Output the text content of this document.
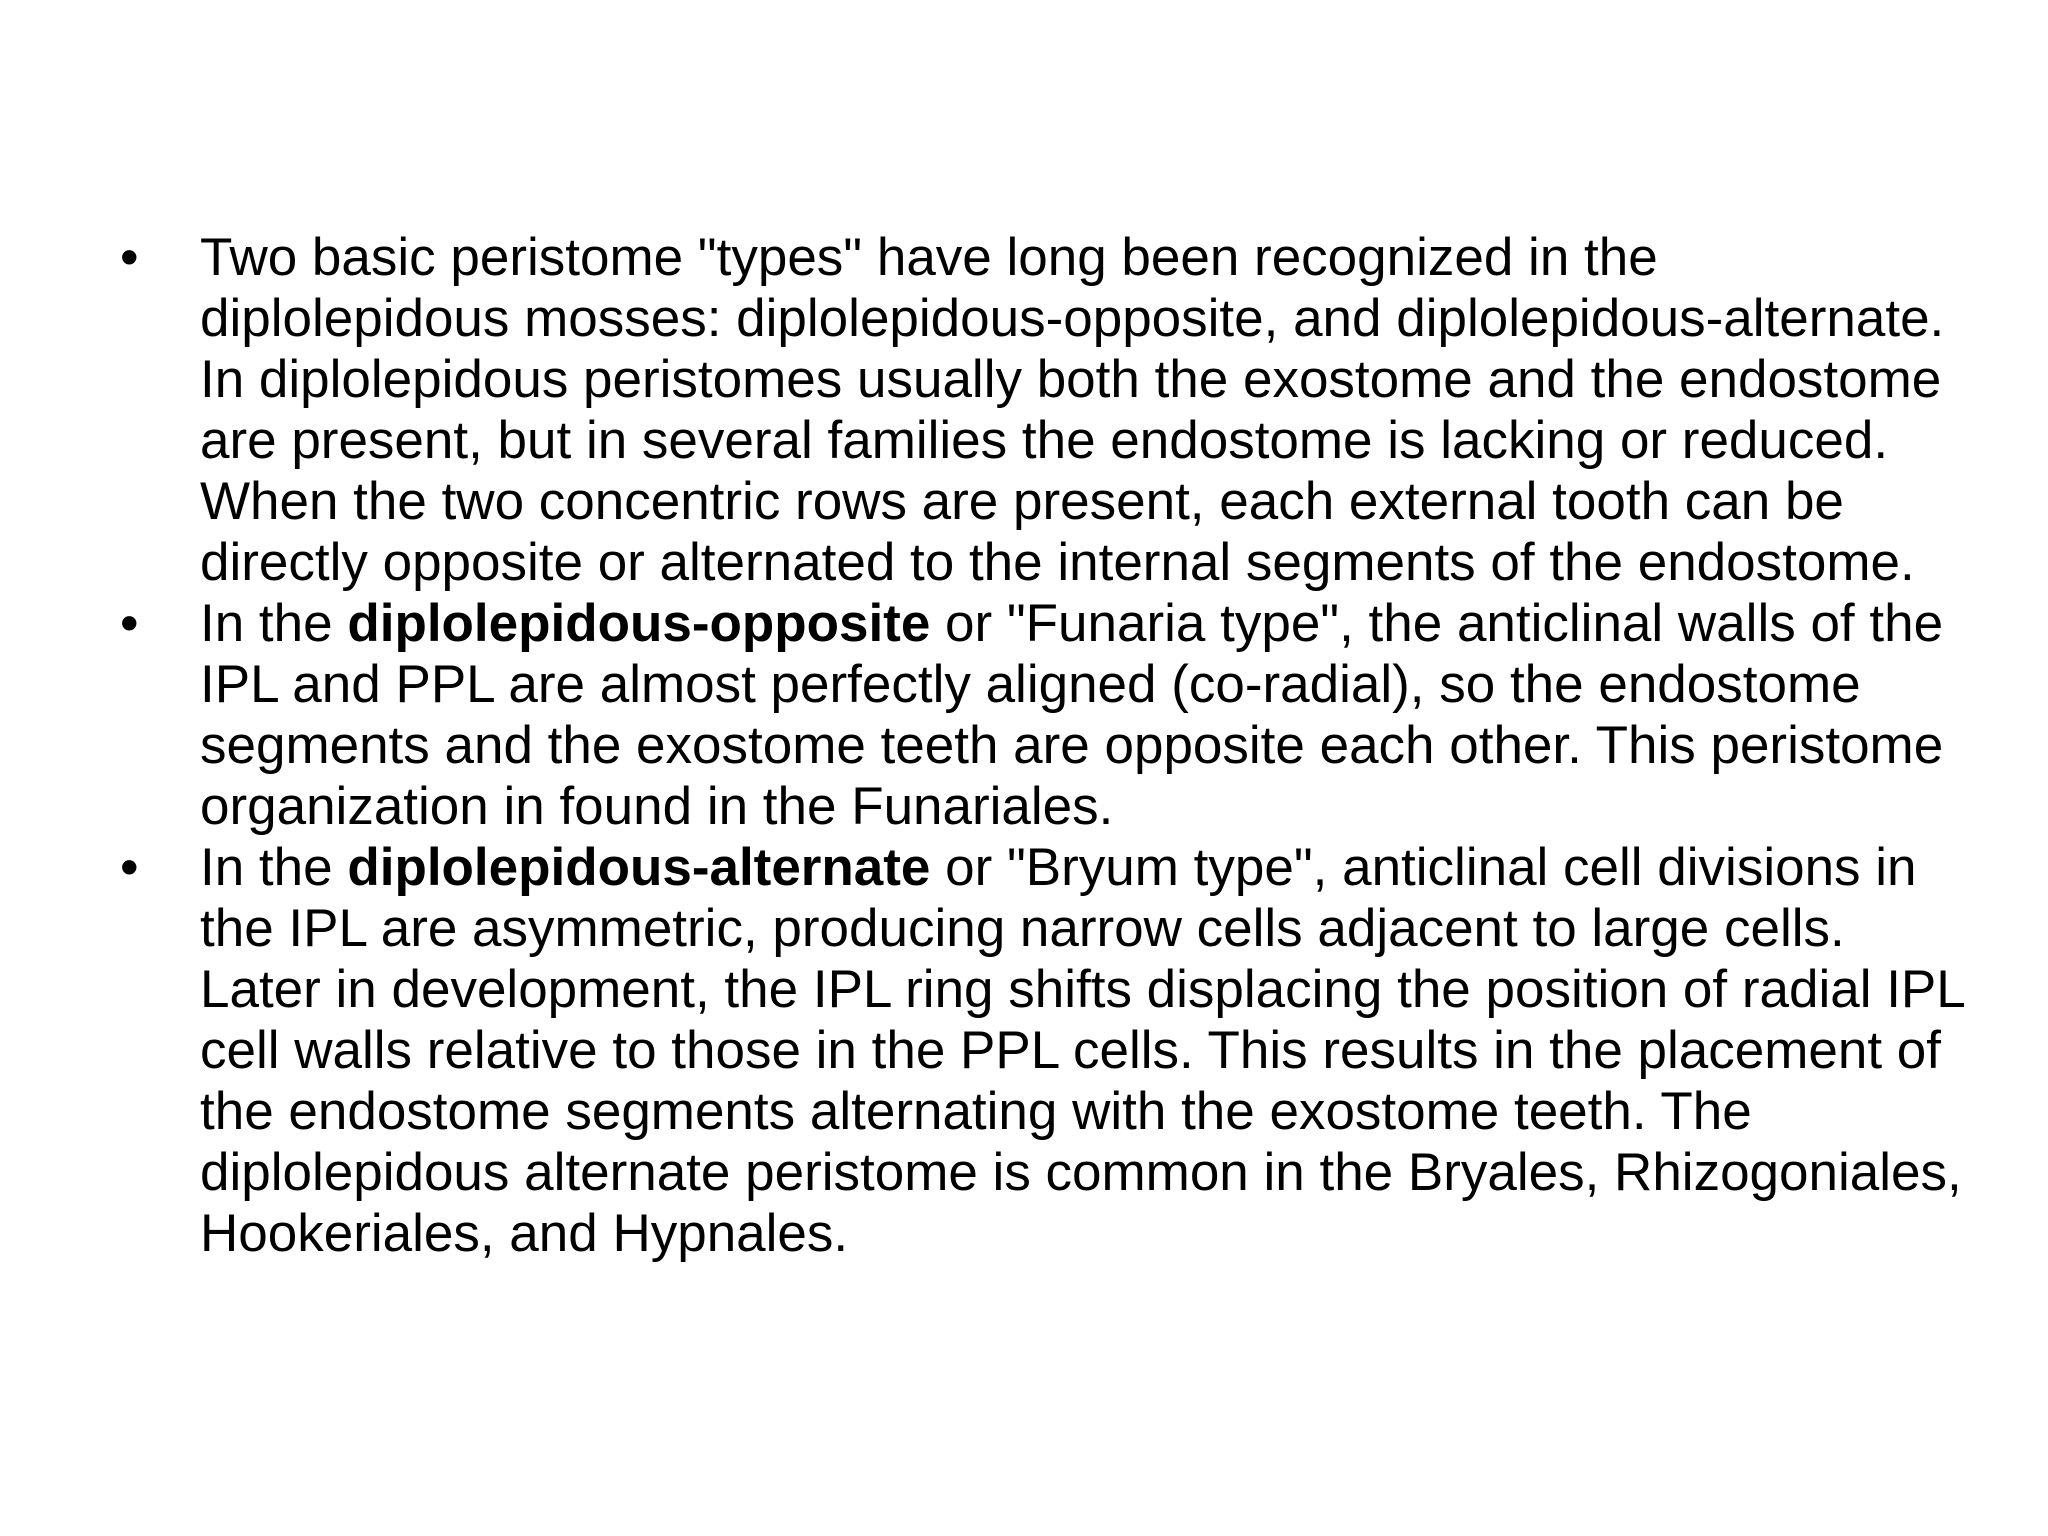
• Two basic peristome "types" have long been recognized in the diplolepidous mosses: diplolepidous-opposite, and diplolepidous-alternate. In diplolepidous peristomes usually both the exostome and the endostome are present, but in several families the endostome is lacking or reduced. When the two concentric rows are present, each external tooth can be directly opposite or alternated to the internal segments of the endostome.
• In the diplolepidous-opposite or "Funaria type", the anticlinal walls of the IPL and PPL are almost perfectly aligned (co-radial), so the endostome segments and the exostome teeth are opposite each other. This peristome organization in found in the Funariales.
• In the diplolepidous-alternate or "Bryum type", anticlinal cell divisions in the IPL are asymmetric, producing narrow cells adjacent to large cells. Later in development, the IPL ring shifts displacing the position of radial IPL cell walls relative to those in the PPL cells. This results in the placement of the endostome segments alternating with the exostome teeth. The diplolepidous alternate peristome is common in the Bryales, Rhizogoniales, Hookeriales, and Hypnales.
